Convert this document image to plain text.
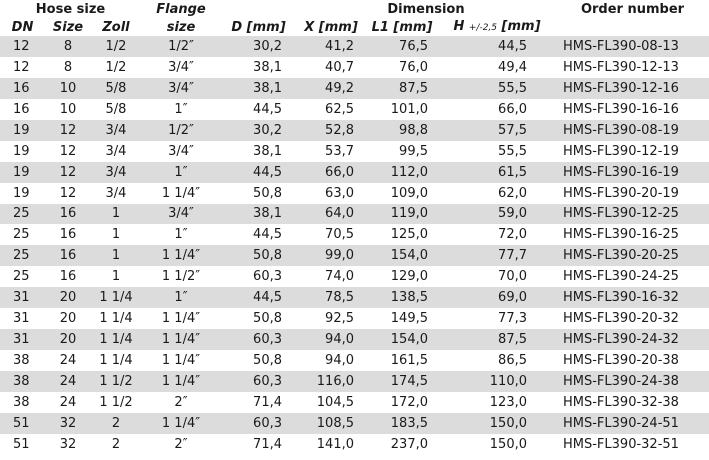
Hose size			Flange		Dimension			Order number
DN	Size	Zoll	size	D [mm]	X [mm]	L1 [mm]	H +/-2,5 [mm]	
12	8	1/2	1/2″	30,2	41,2	76,5	44,5	HMS-FL390-08-13
12	8	1/2	3/4″	38,1	40,7	76,0	49,4	HMS-FL390-12-13
16	10	5/8	3/4″	38,1	49,2	87,5	55,5	HMS-FL390-12-16
16	10	5/8	1″	44,5	62,5	101,0	66,0	HMS-FL390-16-16
19	12	3/4	1/2″	30,2	52,8	98,8	57,5	HMS-FL390-08-19
19	12	3/4	3/4″	38,1	53,7	99,5	55,5	HMS-FL390-12-19
19	12	3/4	1″	44,5	66,0	112,0	61,5	HMS-FL390-16-19
19	12	3/4	1 1/4″	50,8	63,0	109,0	62,0	HMS-FL390-20-19
25	16	1	3/4″	38,1	64,0	119,0	59,0	HMS-FL390-12-25
25	16	1	1″	44,5	70,5	125,0	72,0	HMS-FL390-16-25
25	16	1	1 1/4″	50,8	99,0	154,0	77,7	HMS-FL390-20-25
25	16	1	1 1/2″	60,3	74,0	129,0	70,0	HMS-FL390-24-25
31	20	1 1/4	1″	44,5	78,5	138,5	69,0	HMS-FL390-16-32
31	20	1 1/4	1 1/4″	50,8	92,5	149,5	77,3	HMS-FL390-20-32
31	20	1 1/4	1 1/4″	60,3	94,0	154,0	87,5	HMS-FL390-24-32
38	24	1 1/4	1 1/4″	50,8	94,0	161,5	86,5	HMS-FL390-20-38
38	24	1 1/2	1 1/4″	60,3	116,0	174,5	110,0	HMS-FL390-24-38
38	24	1 1/2	2″	71,4	104,5	172,0	123,0	HMS-FL390-32-38
51	32	2	1 1/4″	60,3	108,5	183,5	150,0	HMS-FL390-24-51
51	32	2	2″	71,4	141,0	237,0	150,0	HMS-FL390-32-51
